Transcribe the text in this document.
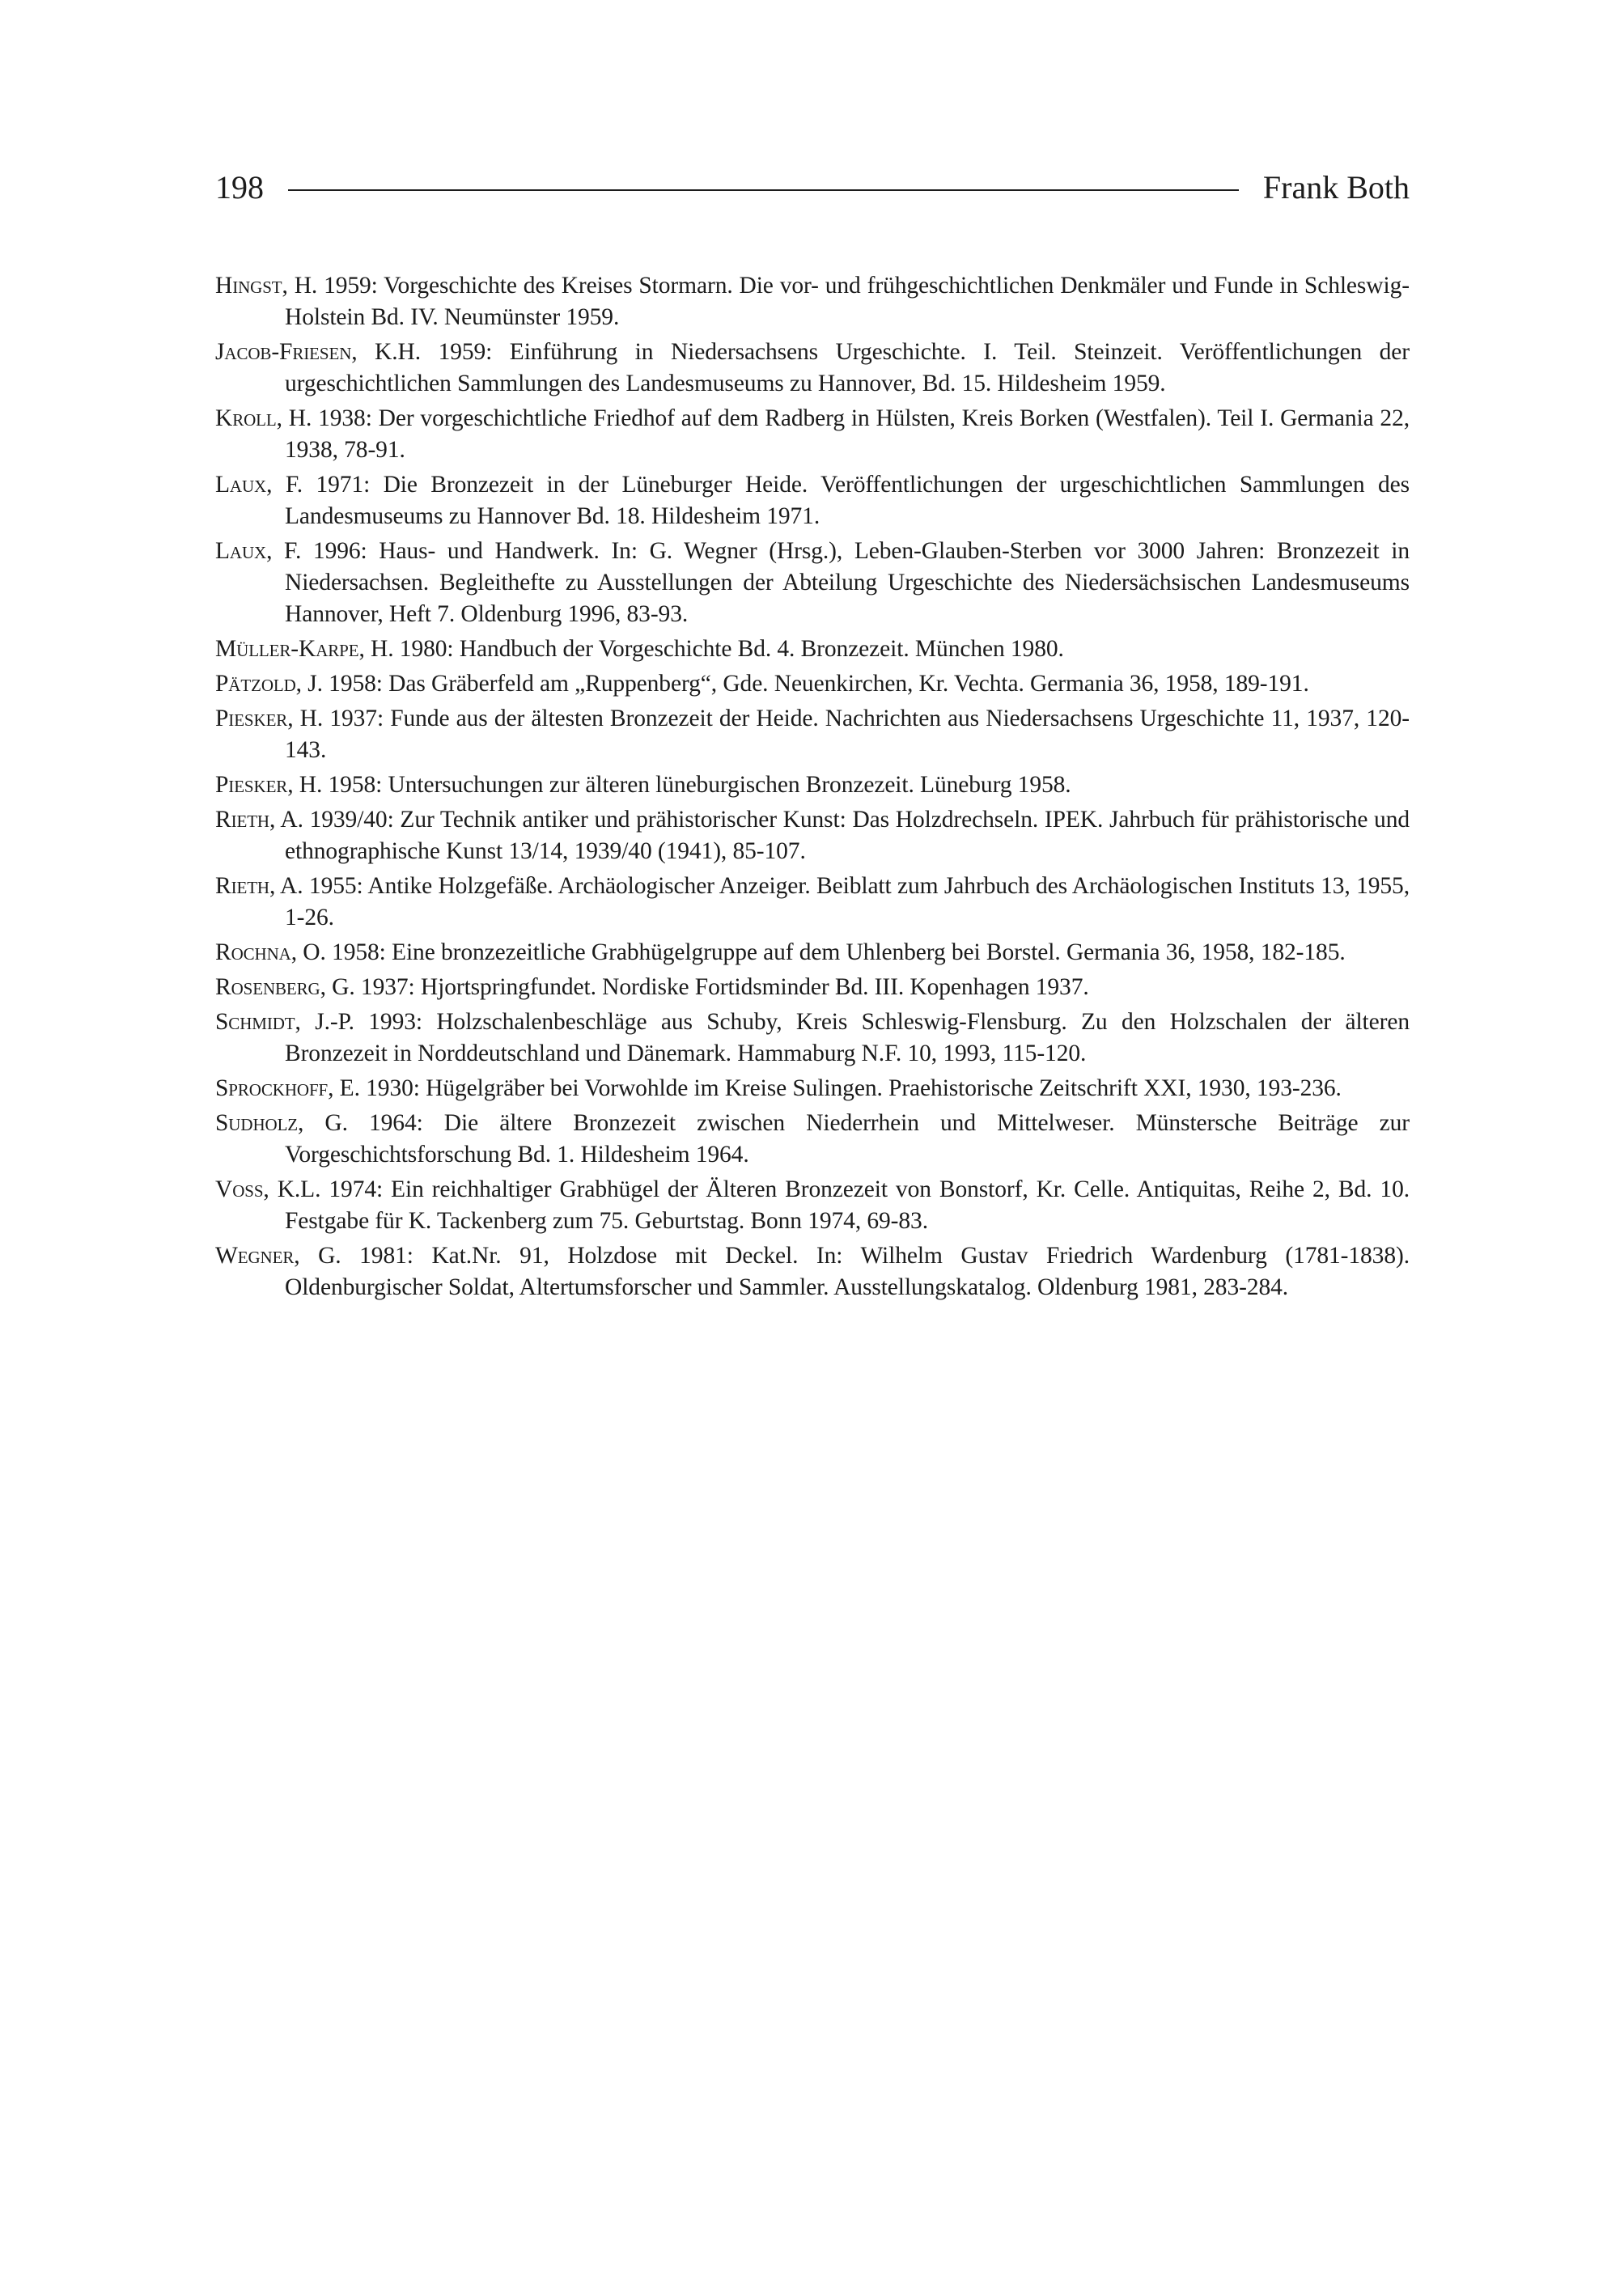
198	Frank Both
Hingst, H. 1959: Vorgeschichte des Kreises Stormarn. Die vor- und frühgeschichtlichen Denkmäler und Funde in Schleswig-Holstein Bd. IV. Neumünster 1959.
Jacob-Friesen, K.H. 1959: Einführung in Niedersachsens Urgeschichte. I. Teil. Steinzeit. Veröffentlichungen der urgeschichtlichen Sammlungen des Landesmuseums zu Hannover, Bd. 15. Hildesheim 1959.
Kroll, H. 1938: Der vorgeschichtliche Friedhof auf dem Radberg in Hülsten, Kreis Borken (Westfalen). Teil I. Germania 22, 1938, 78-91.
Laux, F. 1971: Die Bronzezeit in der Lüneburger Heide. Veröffentlichungen der urgeschichtlichen Sammlungen des Landesmuseums zu Hannover Bd. 18. Hildesheim 1971.
Laux, F. 1996: Haus- und Handwerk. In: G. Wegner (Hrsg.), Leben-Glauben-Sterben vor 3000 Jahren: Bronzezeit in Niedersachsen. Begleithefte zu Ausstellungen der Abteilung Urgeschichte des Niedersächsischen Landesmuseums Hannover, Heft 7. Oldenburg 1996, 83-93.
Müller-Karpe, H. 1980: Handbuch der Vorgeschichte Bd. 4. Bronzezeit. München 1980.
Pätzold, J. 1958: Das Gräberfeld am „Ruppenberg“, Gde. Neuenkirchen, Kr. Vechta. Germania 36, 1958, 189-191.
Piesker, H. 1937: Funde aus der ältesten Bronzezeit der Heide. Nachrichten aus Niedersachsens Urgeschichte 11, 1937, 120-143.
Piesker, H. 1958: Untersuchungen zur älteren lüneburgischen Bronzezeit. Lüneburg 1958.
Rieth, A. 1939/40: Zur Technik antiker und prähistorischer Kunst: Das Holzdrechseln. IPEK. Jahrbuch für prähistorische und ethnographische Kunst 13/14, 1939/40 (1941), 85-107.
Rieth, A. 1955: Antike Holzgefäße. Archäologischer Anzeiger. Beiblatt zum Jahrbuch des Archäologischen Instituts 13, 1955, 1-26.
Rochna, O. 1958: Eine bronzezeitliche Grabhügelgruppe auf dem Uhlenberg bei Borstel. Germania 36, 1958, 182-185.
Rosenberg, G. 1937: Hjortspringfundet. Nordiske Fortidsminder Bd. III. Kopenhagen 1937.
Schmidt, J.-P. 1993: Holzschalenbeschläge aus Schuby, Kreis Schleswig-Flensburg. Zu den Holzschalen der älteren Bronzezeit in Norddeutschland und Dänemark. Hammaburg N.F. 10, 1993, 115-120.
Sprockhoff, E. 1930: Hügelgräber bei Vorwohlde im Kreise Sulingen. Praehistorische Zeitschrift XXI, 1930, 193-236.
Sudholz, G. 1964: Die ältere Bronzezeit zwischen Niederrhein und Mittelweser. Münstersche Beiträge zur Vorgeschichtsforschung Bd. 1. Hildesheim 1964.
Voss, K.L. 1974: Ein reichhaltiger Grabhügel der Älteren Bronzezeit von Bonstorf, Kr. Celle. Antiquitas, Reihe 2, Bd. 10. Festgabe für K. Tackenberg zum 75. Geburtstag. Bonn 1974, 69-83.
Wegner, G. 1981: Kat.Nr. 91, Holzdose mit Deckel. In: Wilhelm Gustav Friedrich Wardenburg (1781-1838). Oldenburgischer Soldat, Altertumsforscher und Sammler. Ausstellungskatalog. Oldenburg 1981, 283-284.
